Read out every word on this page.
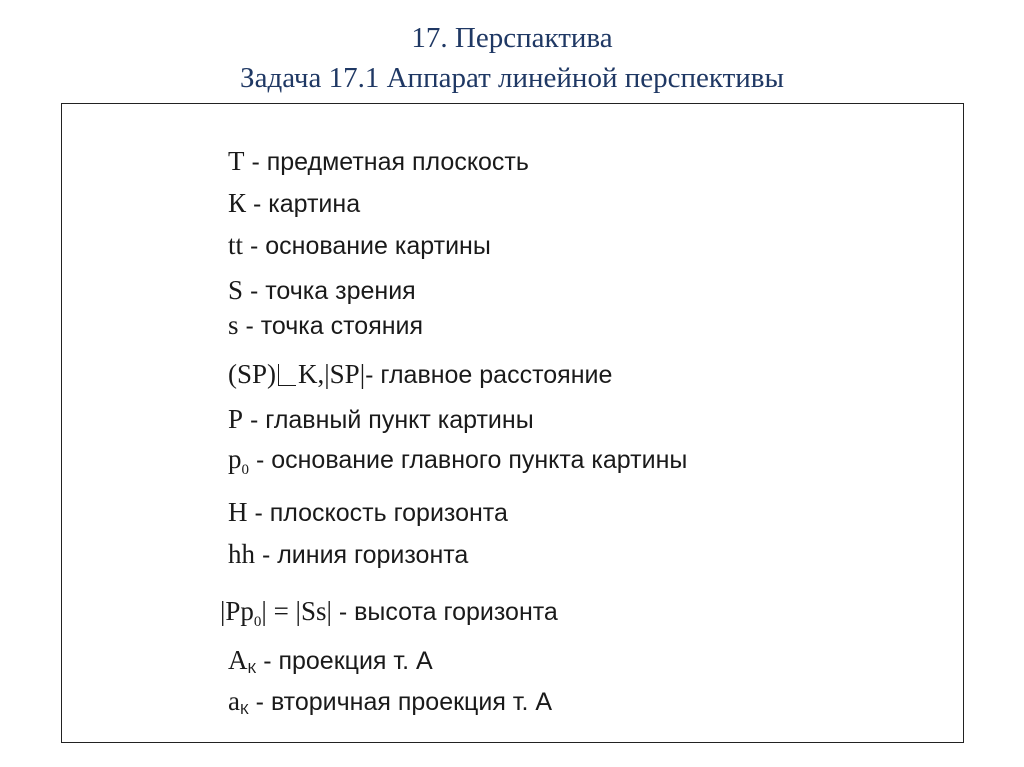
17. Перспактива
Задача 17.1 Аппарат линейной перспективы
Т - предметная плоскость
К - картина
tt - основание картины
S - точка зрения
s - точка стояния
(SP) K,|SP|- главное расстояние
P - главный пункт картины
$p_0$ - основание главного пункта картины
H - плоскость горизонта
hh - линия горизонта
$|Pp_0| = |Ss|$ - высота горизонта
AК - проекция т. А
aК - вторичная проекция т. А
